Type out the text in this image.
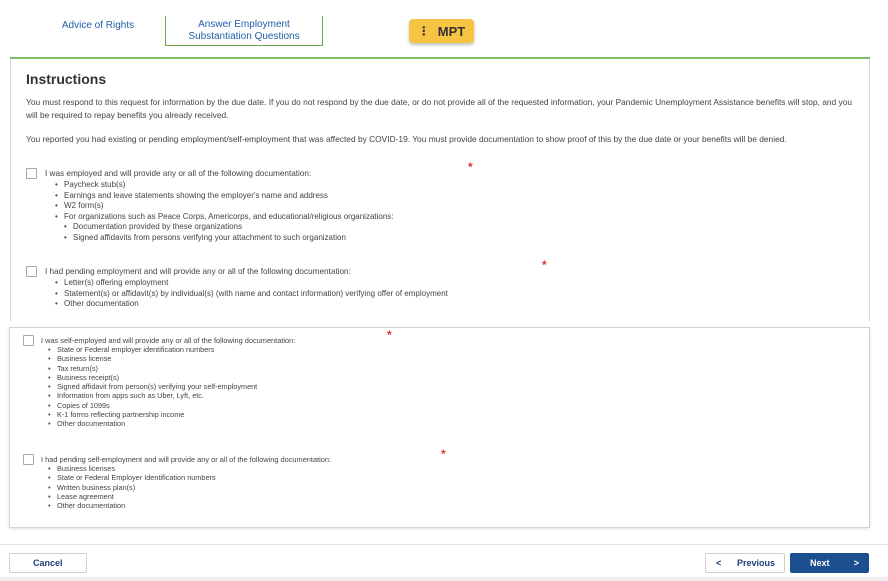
Advice of Rights	Answer Employment
Substantiation Questions	⋮ MPT
Instructions
You must respond to this request for information by the due date. If you do not respond by the due date, or do not provide all of the requested information, your Pandemic Unemployment Assistance benefits will stop, and you will be required to repay benefits you already received.
You reported you had existing or pending employment/self-employment that was affected by COVID-19. You must provide documentation to show proof of this by the due date or your benefits will be denied.
I was employed and will provide any or all of the following documentation:	*
• Paycheck stub(s)
• Earnings and leave statements showing the employer's name and address
• W2 form(s)
• For organizations such as Peace Corps, Americorps, and educational/religious organizations:
• Documentation provided by these organizations
• Signed affidavits from persons verifying your attachment to such organization
I had pending employment and will provide any or all of the following documentation:	*
• Letter(s) offering employment
• Statement(s) or affidavit(s) by individual(s) (with name and contact information) verifying offer of employment
• Other documentation
I was self-employed and will provide any or all of the following documentation:	*
• State or Federal employer identification numbers
• Business license
• Tax return(s)
• Business receipt(s)
• Signed affidavit from person(s) verifying your self-employment
• Information from apps such as Uber, Lyft, etc.
• Copies of 1099s
• K-1 forms reflecting partnership income
• Other documentation
I had pending self-employment and will provide any or all of the following documentation:	*
• Business licenses
• State or Federal Employer Identification numbers
• Written business plan(s)
• Lease agreement
• Other documentation
Cancel	< Previous	Next	>
